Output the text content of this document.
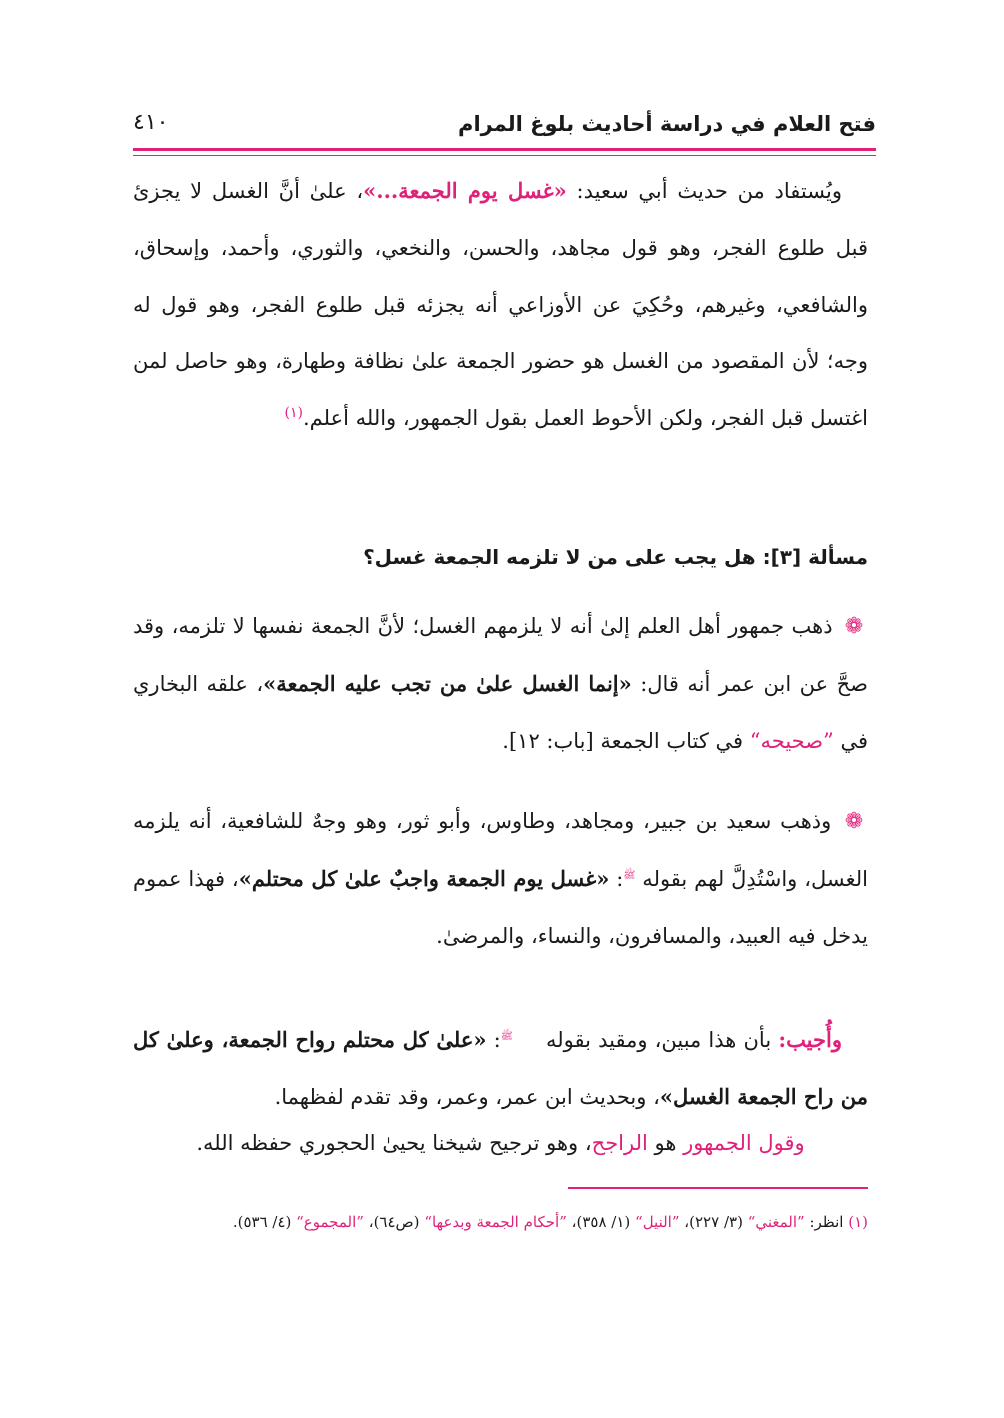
فتح العلام في دراسة أحاديث بلوغ المرام
٤١٠

ويُستفاد من حديث أبي سعيد: «غسل يوم الجمعة...»، علىٰ أنَّ الغسل لا يجزئ قبل طلوع الفجر، وهو قول مجاهد، والحسن، والنخعي، والثوري، وأحمد، وإسحاق، والشافعي، وغيرهم، وحُكِيَ عن الأوزاعي أنه يجزئه قبل طلوع الفجر، وهو قول له وجه؛ لأن المقصود من الغسل هو حضور الجمعة علىٰ نظافة وطهارة، وهو حاصل لمن اغتسل قبل الفجر، ولكن الأحوط العمل بقول الجمهور، والله أعلم.$^{(١)}$

مسألة [٣]: هل يجب على من لا تلزمه الجمعة غسل؟

❁ ذهب جمهور أهل العلم إلىٰ أنه لا يلزمهم الغسل؛ لأنَّ الجمعة نفسها لا تلزمه، وقد صحَّ عن ابن عمر أنه قال: «إنما الغسل علىٰ من تجب عليه الجمعة»، علقه البخاري في ”صحيحه“ في كتاب الجمعة [باب: ١٢].

❁ وذهب سعيد بن جبير، ومجاهد، وطاوس، وأبو ثور، وهو وجهٌ للشافعية، أنه يلزمه الغسل، واسْتُدِلَّ لهم بقوله ﷺ: «غسل يوم الجمعة واجبٌ علىٰ كل محتلم»، فهذا عموم يدخل فيه العبيد، والمسافرون، والنساء، والمرضىٰ.

وأُجيب: بأن هذا مبين، ومقيد بقوله ﷺ: «علىٰ كل محتلم رواح الجمعة، وعلىٰ كل من راح الجمعة الغسل»، وبحديث ابن عمر، وعمر، وقد تقدم لفظهما.

وقول الجمهور هو الراجح، وهو ترجيح شيخنا يحيىٰ الحجوري حفظه الله.

(١) انظر: ”المغني“ (٣/ ٢٢٧)، ”النيل“ (١/ ٣٥٨)، ”أحكام الجمعة وبدعها“ (ص٦٤)، ”المجموع“ (٤/ ٥٣٦).
